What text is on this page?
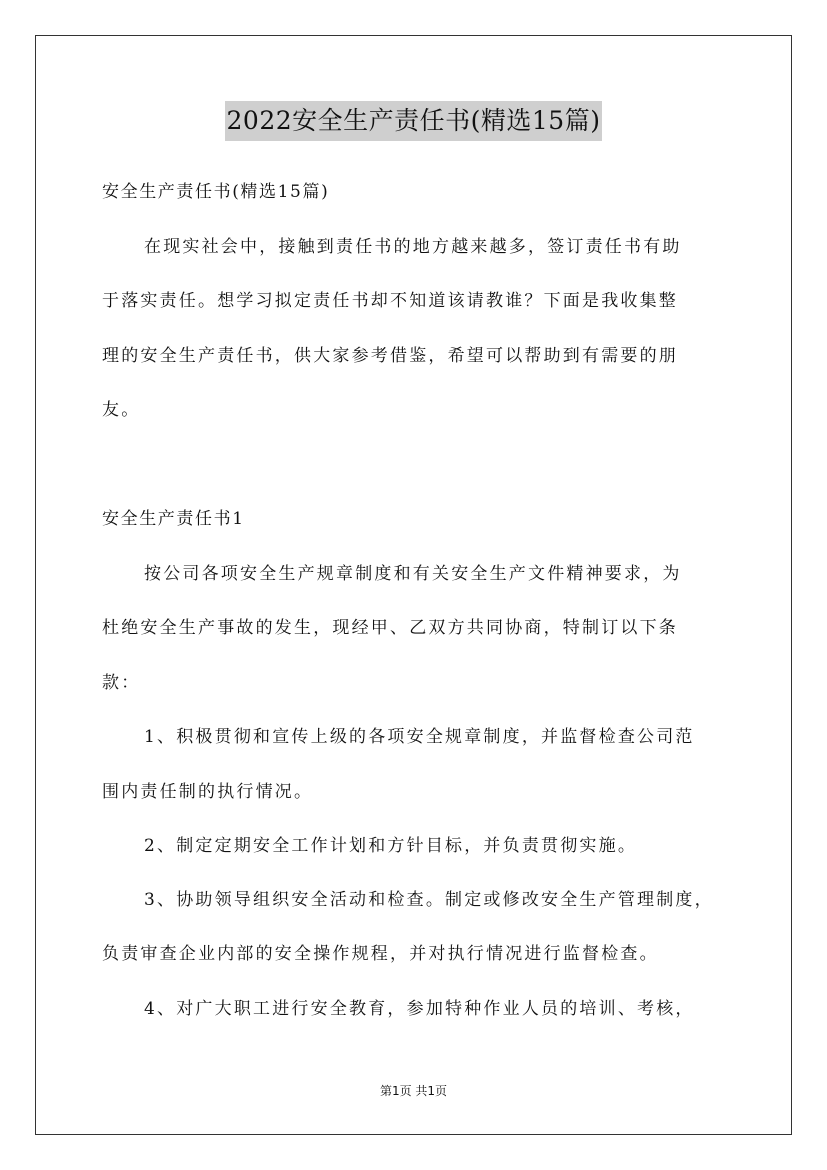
2022安全生产责任书(精选15篇)
安全生产责任书(精选15篇)
在现实社会中，接触到责任书的地方越来越多，签订责任书有助
于落实责任。想学习拟定责任书却不知道该请教谁？下面是我收集整
理的安全生产责任书，供大家参考借鉴，希望可以帮助到有需要的朋
友。
安全生产责任书1
按公司各项安全生产规章制度和有关安全生产文件精神要求，为
杜绝安全生产事故的发生，现经甲、乙双方共同协商，特制订以下条
款：
1、积极贯彻和宣传上级的各项安全规章制度，并监督检查公司范
围内责任制的执行情况。
2、制定定期安全工作计划和方针目标，并负责贯彻实施。
3、协助领导组织安全活动和检查。制定或修改安全生产管理制度，
负责审查企业内部的安全操作规程，并对执行情况进行监督检查。
4、对广大职工进行安全教育，参加特种作业人员的培训、考核，
第1页 共1页
